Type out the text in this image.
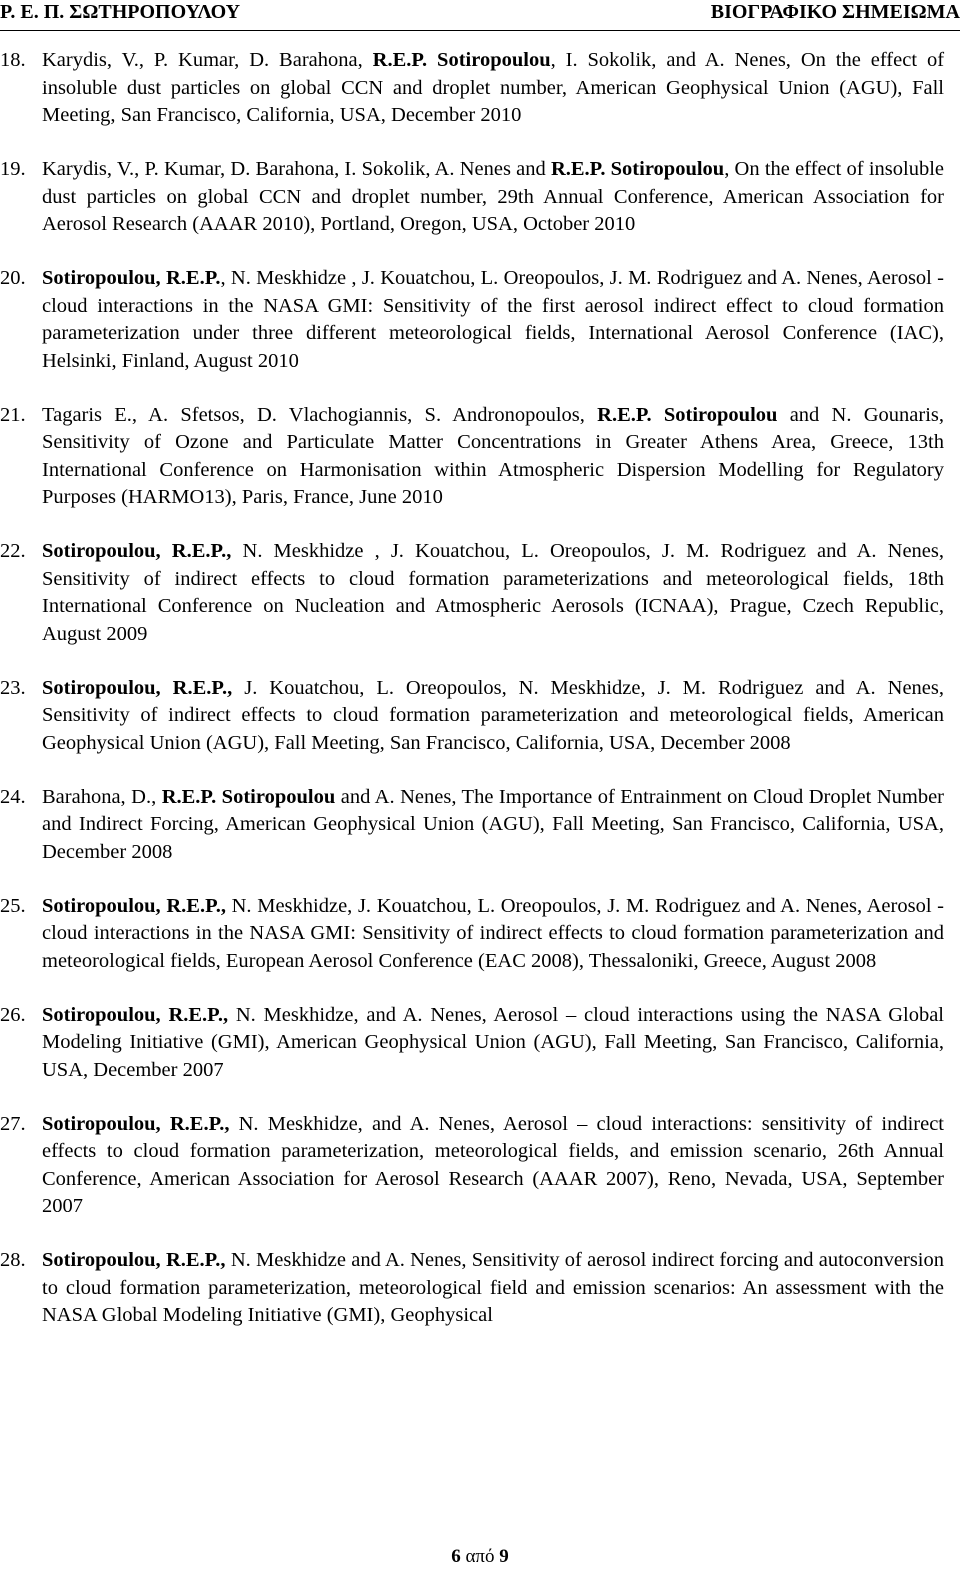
Ρ. Ε. Π. ΣΩΤΗΡΟΠΟΥΛΟΥ	ΒΙΟΓΡΑΦΙΚΟ ΣΗΜΕΙΩΜΑ
18. Karydis, V., P. Kumar, D. Barahona, R.E.P. Sotiropoulou, I. Sokolik, and A. Nenes, On the effect of insoluble dust particles on global CCN and droplet number, American Geophysical Union (AGU), Fall Meeting, San Francisco, California, USA, December 2010
19. Karydis, V., P. Kumar, D. Barahona, I. Sokolik, A. Nenes and R.E.P. Sotiropoulou, On the effect of insoluble dust particles on global CCN and droplet number, 29th Annual Conference, American Association for Aerosol Research (AAAR 2010), Portland, Oregon, USA, October 2010
20. Sotiropoulou, R.E.P., N. Meskhidze , J. Kouatchou, L. Oreopoulos, J. M. Rodriguez and A. Nenes, Aerosol - cloud interactions in the NASA GMI: Sensitivity of the first aerosol indirect effect to cloud formation parameterization under three different meteorological fields, International Aerosol Conference (IAC), Helsinki, Finland, August 2010
21. Tagaris E., A. Sfetsos, D. Vlachogiannis, S. Andronopoulos, R.E.P. Sotiropoulou and N. Gounaris, Sensitivity of Ozone and Particulate Matter Concentrations in Greater Athens Area, Greece, 13th International Conference on Harmonisation within Atmospheric Dispersion Modelling for Regulatory Purposes (HARMO13), Paris, France, June 2010
22. Sotiropoulou, R.E.P., N. Meskhidze , J. Kouatchou, L. Oreopoulos, J. M. Rodriguez and A. Nenes, Sensitivity of indirect effects to cloud formation parameterizations and meteorological fields, 18th International Conference on Nucleation and Atmospheric Aerosols (ICNAA), Prague, Czech Republic, August 2009
23. Sotiropoulou, R.E.P., J. Kouatchou, L. Oreopoulos, N. Meskhidze, J. M. Rodriguez and A. Nenes, Sensitivity of indirect effects to cloud formation parameterization and meteorological fields, American Geophysical Union (AGU), Fall Meeting, San Francisco, California, USA, December 2008
24. Barahona, D., R.E.P. Sotiropoulou and A. Nenes, The Importance of Entrainment on Cloud Droplet Number and Indirect Forcing, American Geophysical Union (AGU), Fall Meeting, San Francisco, California, USA, December 2008
25. Sotiropoulou, R.E.P., N. Meskhidze, J. Kouatchou, L. Oreopoulos, J. M. Rodriguez and A. Nenes, Aerosol - cloud interactions in the NASA GMI: Sensitivity of indirect effects to cloud formation parameterization and meteorological fields, European Aerosol Conference (EAC 2008), Thessaloniki, Greece, August 2008
26. Sotiropoulou, R.E.P., N. Meskhidze, and A. Nenes, Aerosol – cloud interactions using the NASA Global Modeling Initiative (GMI), American Geophysical Union (AGU), Fall Meeting, San Francisco, California, USA, December 2007
27. Sotiropoulou, R.E.P., N. Meskhidze, and A. Nenes, Aerosol – cloud interactions: sensitivity of indirect effects to cloud formation parameterization, meteorological fields, and emission scenario, 26th Annual Conference, American Association for Aerosol Research (AAAR 2007), Reno, Nevada, USA, September 2007
28. Sotiropoulou, R.E.P., N. Meskhidze and A. Nenes, Sensitivity of aerosol indirect forcing and autoconversion to cloud formation parameterization, meteorological field and emission scenarios: An assessment with the NASA Global Modeling Initiative (GMI), Geophysical
6 από 9
